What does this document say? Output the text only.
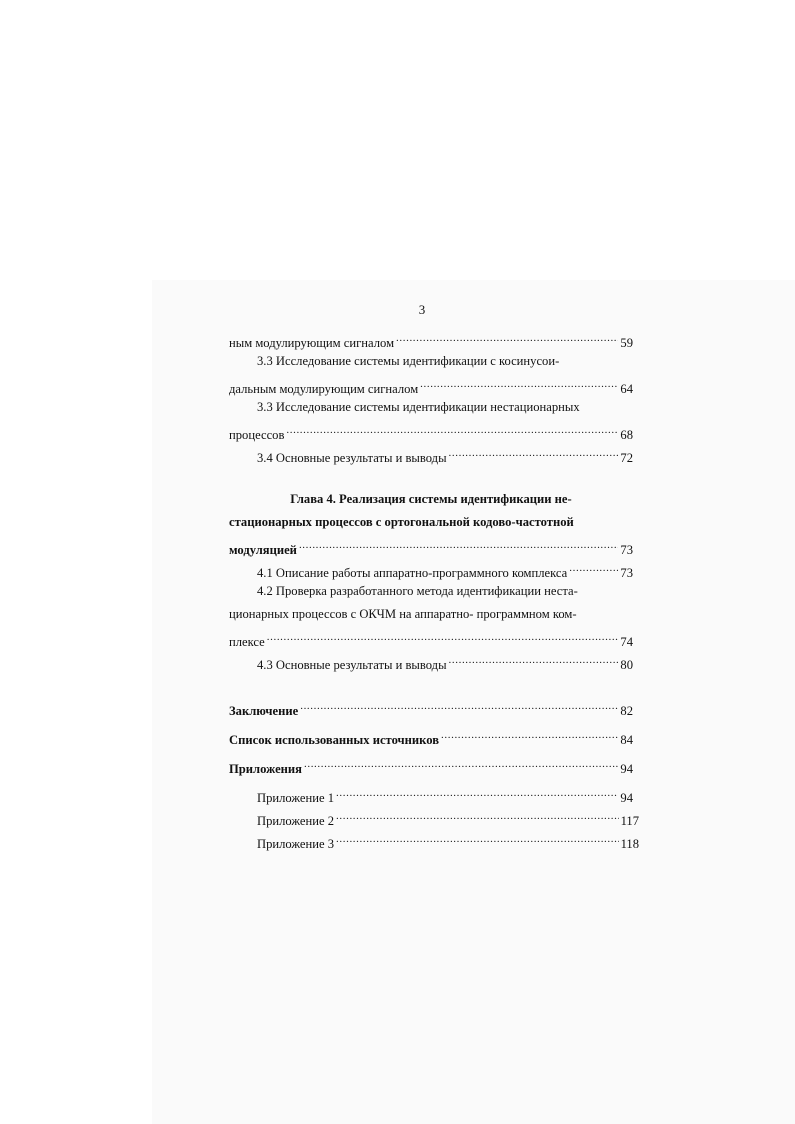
3
ным модулирующим сигналом .....	59
3.3 Исследование системы идентификации с косинусои-
дальным модулирующим сигналом .....	64
3.3 Исследование системы идентификации нестационарных
процессов .....	68
3.4 Основные результаты и выводы .....	72
Глава 4. Реализация системы идентификации не-
стационарных процессов с ортогональной кодово-частотной
модуляцией .....	73
4.1 Описание работы аппаратно-программного комплекса .....	73
4.2 Проверка разработанного метода идентификации неста-
ционарных процессов с ОКЧМ на аппаратно- программном ком-
плексе .....	74
4.3 Основные результаты и выводы .....	80
Заключение .....	82
Список использованных источников .....	84
Приложения .....	94
Приложение 1 .....	94
Приложение 2 .....	117
Приложение 3 .....	118
